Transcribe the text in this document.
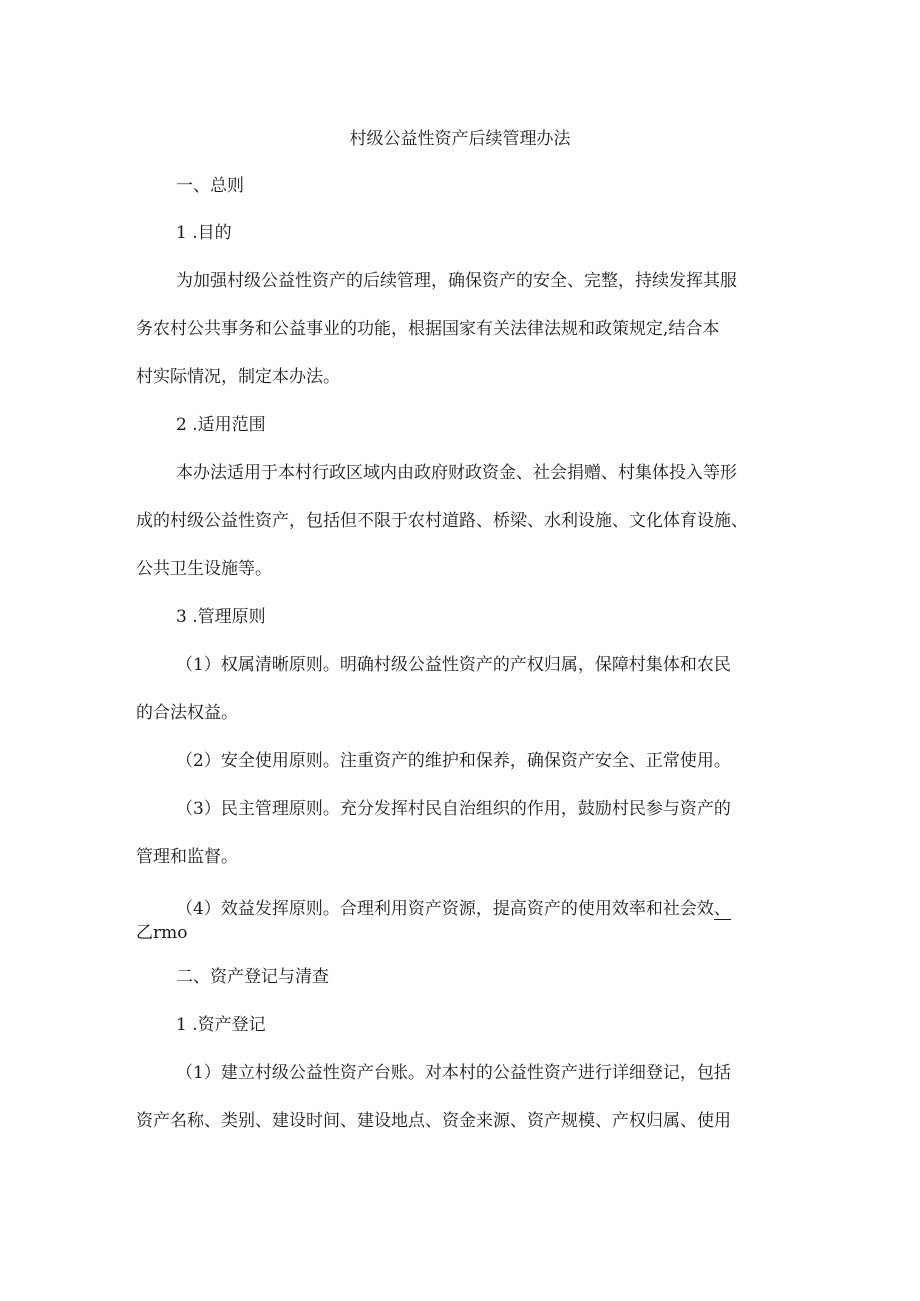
村级公益性资产后续管理办法
一、总则
1 .目的
为加强村级公益性资产的后续管理，确保资产的安全、完整，持续发挥其服
务农村公共事务和公益事业的功能，根据国家有关法律法规和政策规定,结合本
村实际情况，制定本办法。
2 .适用范围
本办法适用于本村行政区域内由政府财政资金、社会捐赠、村集体投入等形
成的村级公益性资产，包括但不限于农村道路、桥梁、水利设施、文化体育设施、
公共卫生设施等。
3 .管理原则
（1）权属清晰原则。明确村级公益性资产的产权归属，保障村集体和农民
的合法权益。
（2）安全使用原则。注重资产的维护和保养，确保资产安全、正常使用。
（3）民主管理原则。充分发挥村民自治组织的作用，鼓励村民参与资产的
管理和监督。
（4）效益发挥原则。合理利用资产资源，提高资产的使用效率和社会效、
乙rmo
二、资产登记与清查
1 .资产登记
（1）建立村级公益性资产台账。对本村的公益性资产进行详细登记，包括
资产名称、类别、建设时间、建设地点、资金来源、资产规模、产权归属、使用
